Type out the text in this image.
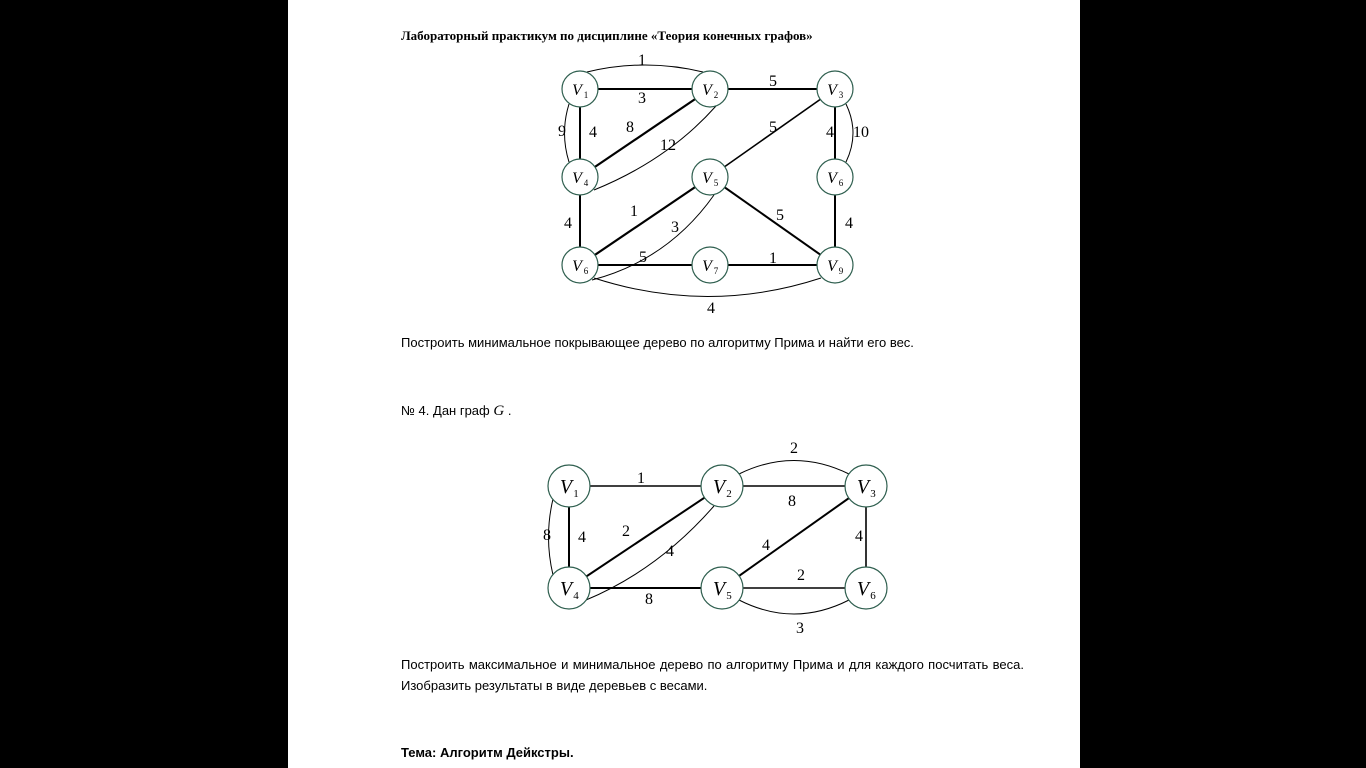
Лабораторный практикум по дисциплине «Теория конечных графов»
1
3
5
9 4 8
12
5	4 10
4
1
3
5	4
5	1
4
V 1	V 2	V 3
V 4	V 5	V 6
V 6	V 7	V 9
Построить минимальное покрывающее дерево по алгоритму Прима и найти его вес.
№ 4. Дан граф G .
1
2
8
8 4 2
4	4
8
4
2
3
V 1	V 2	V 3
V 4	V 5	V 6
Построить максимальное и минимальное дерево по алгоритму Прима и для каждого посчитать веса. Изобразить результаты в виде деревьев с весами.
Тема: Алгоритм Дейкстры.
